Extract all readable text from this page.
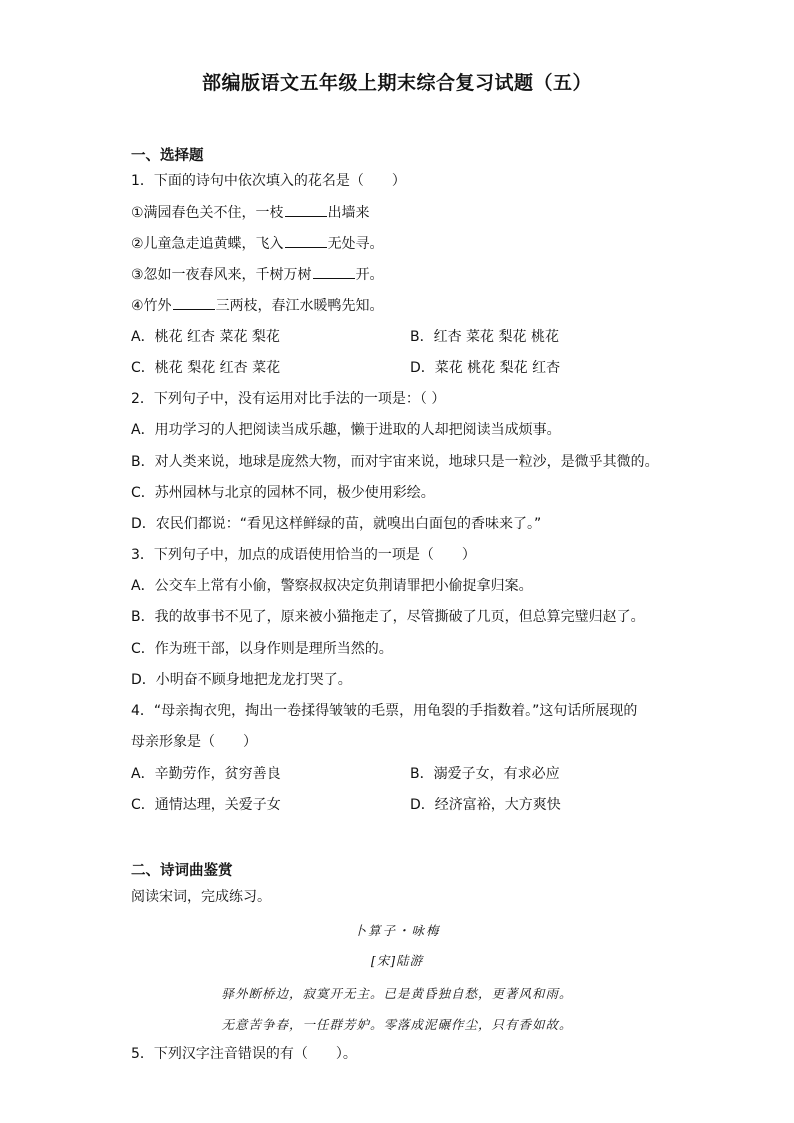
部编版语文五年级上期末综合复习试题（五）
一、选择题
1．下面的诗句中依次填入的花名是（　　）
①满园春色关不住，一枝	出墙来
②儿童急走追黄蝶，飞入	无处寻。
③忽如一夜春风来，千树万树	开。
④竹外	三两枝，春江水暖鸭先知。
A．桃花 红杏 菜花 梨花	B．红杏 菜花 梨花 桃花
C．桃花 梨花 红杏 菜花	D．菜花 桃花 梨花 红杏
2．下列句子中，没有运用对比手法的一项是：（ ）
A．用功学习的人把阅读当成乐趣，懒于进取的人却把阅读当成烦事。
B．对人类来说，地球是庞然大物，而对宇宙来说，地球只是一粒沙，是微乎其微的。
C．苏州园林与北京的园林不同，极少使用彩绘。
D．农民们都说：“看见这样鲜绿的苗，就嗅出白面包的香味来了。”
3．下列句子中，加点的成语使用恰当的一项是（　　）
A．公交车上常有小偷，警察叔叔决定负荆请罪把小偷捉拿归案。
B．我的故事书不见了，原来被小猫拖走了，尽管撕破了几页，但总算完璧归赵了。
C．作为班干部，以身作则是理所当然的。
D．小明奋不顾身地把龙龙打哭了。
4．“母亲掏衣兜，掏出一卷揉得皱皱的毛票，用龟裂的手指数着。”这句话所展现的
母亲形象是（　　）
A．辛勤劳作，贫穷善良	B．溺爱子女，有求必应
C．通情达理，关爱子女	D．经济富裕，大方爽快
二、诗词曲鉴赏
阅读宋词，完成练习。
卜算子・咏梅
[宋]陆游
驿外断桥边，寂寞开无主。已是黄昏独自愁，更著风和雨。
无意苦争春，一任群芳妒。零落成泥碾作尘，只有香如故。
5．下列汉字注音错误的有（　　）。
